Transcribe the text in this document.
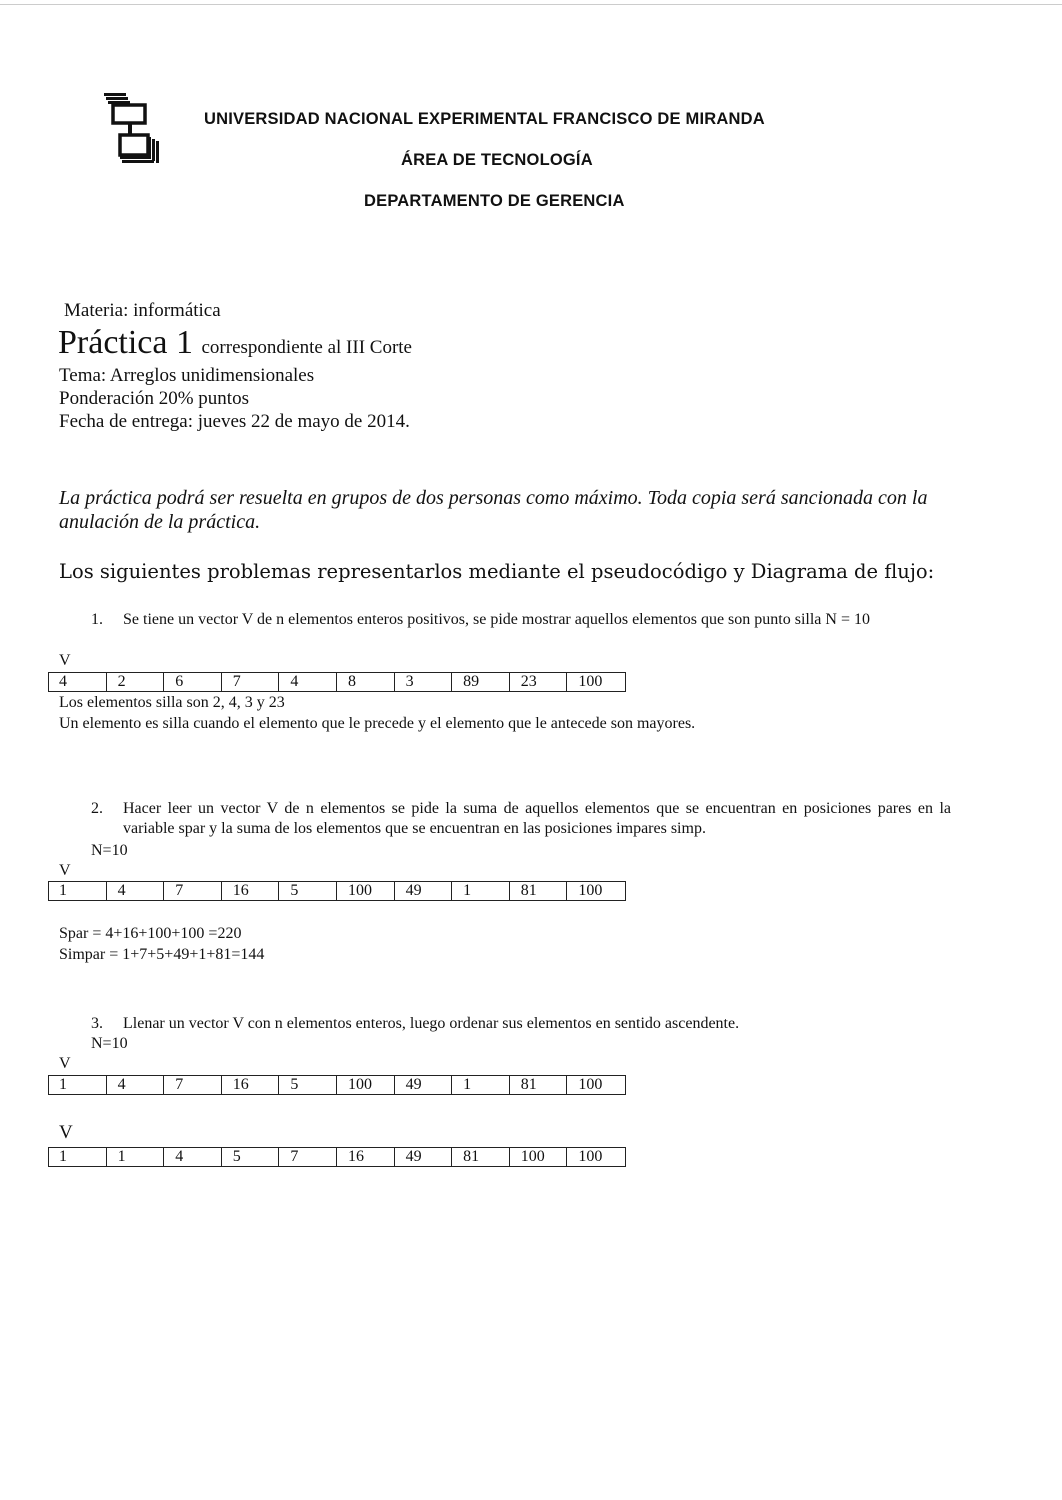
UNIVERSIDAD NACIONAL EXPERIMENTAL FRANCISCO DE MIRANDA
ÁREA DE TECNOLOGÍA
DEPARTAMENTO DE GERENCIA
Materia: informática
Práctica 1 correspondiente al III Corte
Tema: Arreglos unidimensionales
Ponderación 20% puntos
Fecha de entrega: jueves 22 de mayo de 2014.
La práctica podrá ser resuelta en grupos de dos personas como máximo. Toda copia será sancionada con la anulación de la práctica.
Los siguientes problemas representarlos mediante el pseudocódigo y Diagrama de flujo:
1. Se tiene un vector V de n elementos enteros positivos, se pide mostrar aquellos elementos que son punto silla N = 10
V
4	2	6	7	4	8	3	89	23	100
Los elementos silla son 2, 4, 3 y 23
Un elemento es silla cuando el elemento que le precede y el elemento que le antecede son mayores.
2. Hacer leer un vector V de n elementos se pide la suma de aquellos elementos que se encuentran en posiciones pares en la variable spar y la suma de los elementos que se encuentran en las posiciones impares simp.
N=10
V
1	4	7	16	5	100	49	1	81	100
Spar = 4+16+100+100 =220
Simpar = 1+7+5+49+1+81=144
3. Llenar un vector V con n elementos enteros, luego ordenar sus elementos en sentido ascendente.
N=10
V
1	4	7	16	5	100	49	1	81	100
V
1	1	4	5	7	16	49	81	100	100
